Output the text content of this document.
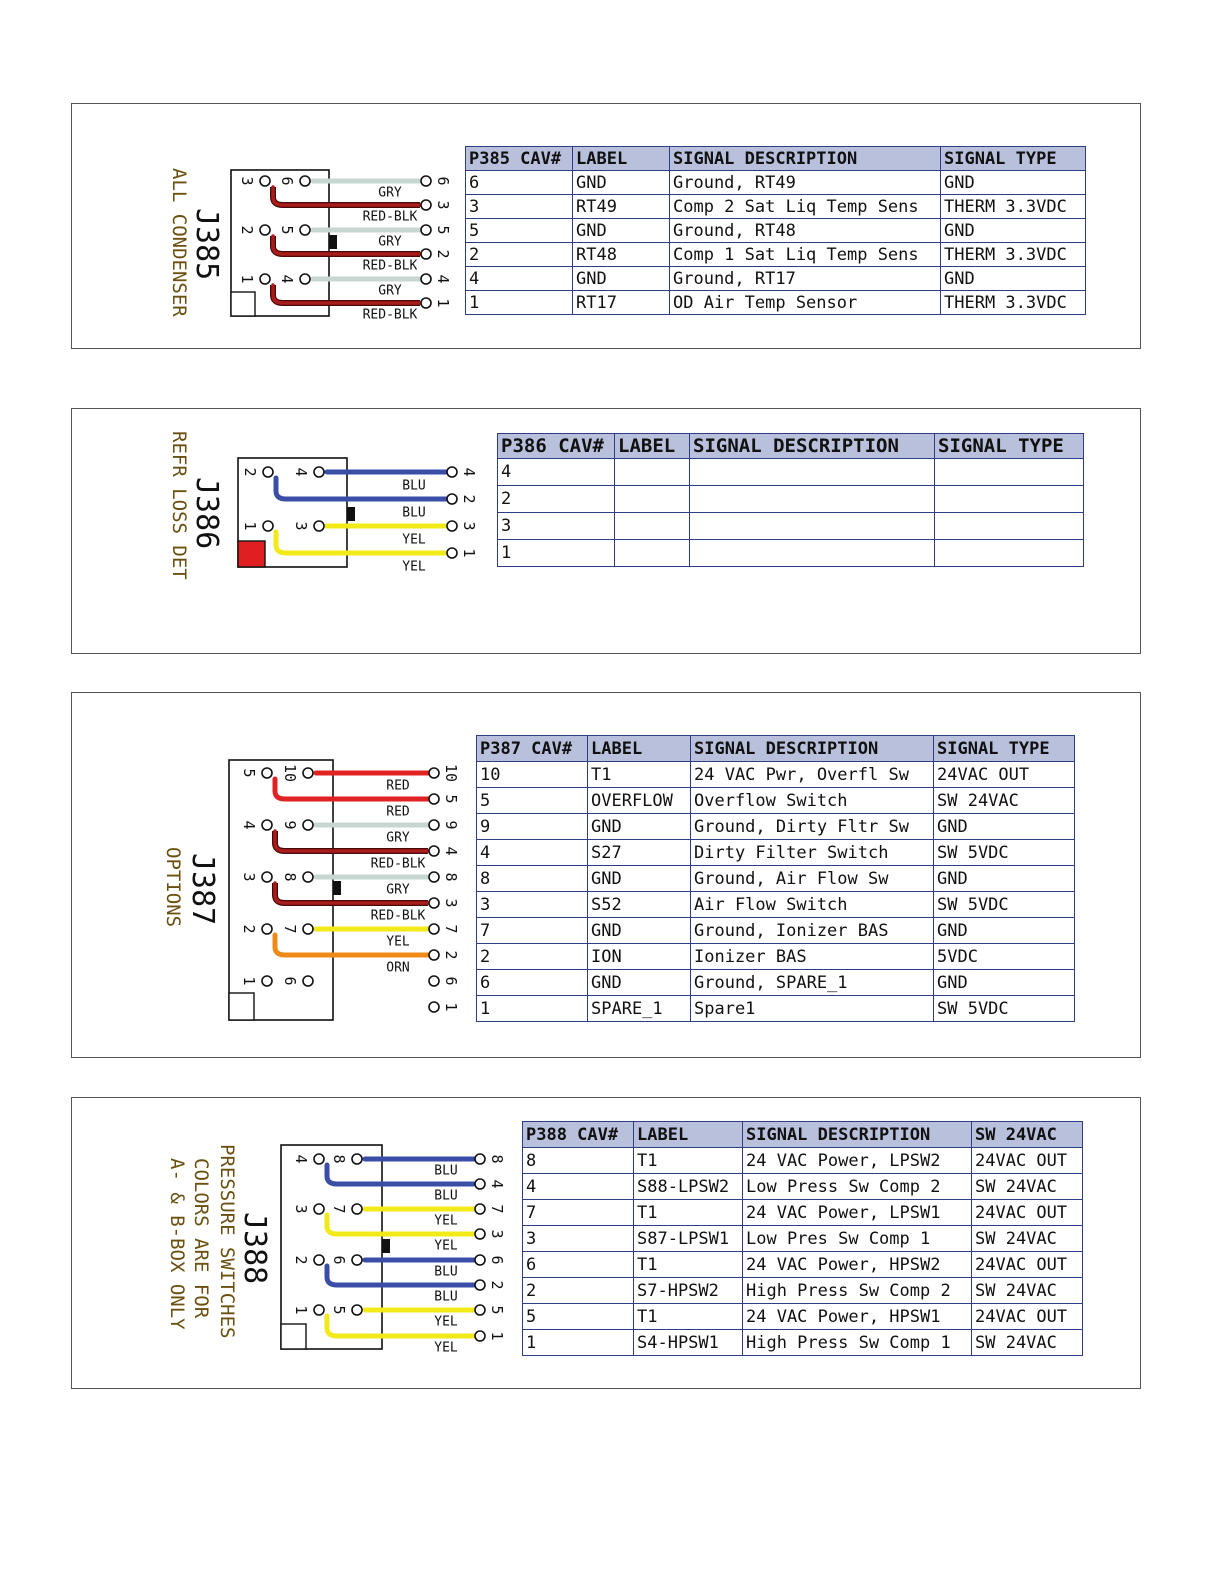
GRY
6
RED-BLK
3
GRY
5
RED-BLK
2
GRY
4
RED-BLK
1
3 6
2 5
1 4
J385
ALL CONDENSER
P385 CAV#	LABEL	SIGNAL DESCRIPTION	SIGNAL TYPE
6	GND	Ground, RT49	GND
3	RT49	Comp 2 Sat Liq Temp Sens	THERM 3.3VDC
5	GND	Ground, RT48	GND
2	RT48	Comp 1 Sat Liq Temp Sens	THERM 3.3VDC
4	GND	Ground, RT17	GND
1	RT17	OD Air Temp Sensor	THERM 3.3VDC
BLU
4
BLU
2
YEL
3
YEL
1
2 4
1 3
J386
REFR LOSS DET	P386 CAV#	LABEL	SIGNAL DESCRIPTION	SIGNAL TYPE
4			
2			
3			
1			
RED
10
RED
5
GRY
9
RED-BLK
4
GRY
8
RED-BLK
3
YEL
7
ORN
2
6
1
5 10
4 9
3 8
2 7
1 6
J387
OPTIONS
P387 CAV#	LABEL	SIGNAL DESCRIPTION	SIGNAL TYPE
10	T1	24 VAC Pwr, Overfl Sw	24VAC OUT
5	OVERFLOW	Overflow Switch	SW 24VAC
9	GND	Ground, Dirty Fltr Sw	GND
4	S27	Dirty Filter Switch	SW 5VDC
8	GND	Ground, Air Flow Sw	GND
3	S52	Air Flow Switch	SW 5VDC
7	GND	Ground, Ionizer BAS	GND
2	ION	Ionizer BAS	5VDC
6	GND	Ground, SPARE_1	GND
1	SPARE_1	Spare1	SW 5VDC
BLU
8
BLU
4
YEL
7
YEL
3
BLU
6
BLU
2
YEL
5
YEL
1
4 8
3 7
2 6
1 5
J388
PRESSURE SWITCHES
COLORS ARE FOR
A- & B-BOX ONLY
P388 CAV#	LABEL	SIGNAL DESCRIPTION	SW 24VAC
8	T1	24 VAC Power, LPSW2	24VAC OUT
4	S88-LPSW2	Low Press Sw Comp 2	SW 24VAC
7	T1	24 VAC Power, LPSW1	24VAC OUT
3	S87-LPSW1	Low Pres Sw Comp 1	SW 24VAC
6	T1	24 VAC Power, HPSW2	24VAC OUT
2	S7-HPSW2	High Press Sw Comp 2	SW 24VAC
5	T1	24 VAC Power, HPSW1	24VAC OUT
1	S4-HPSW1	High Press Sw Comp 1	SW 24VAC
